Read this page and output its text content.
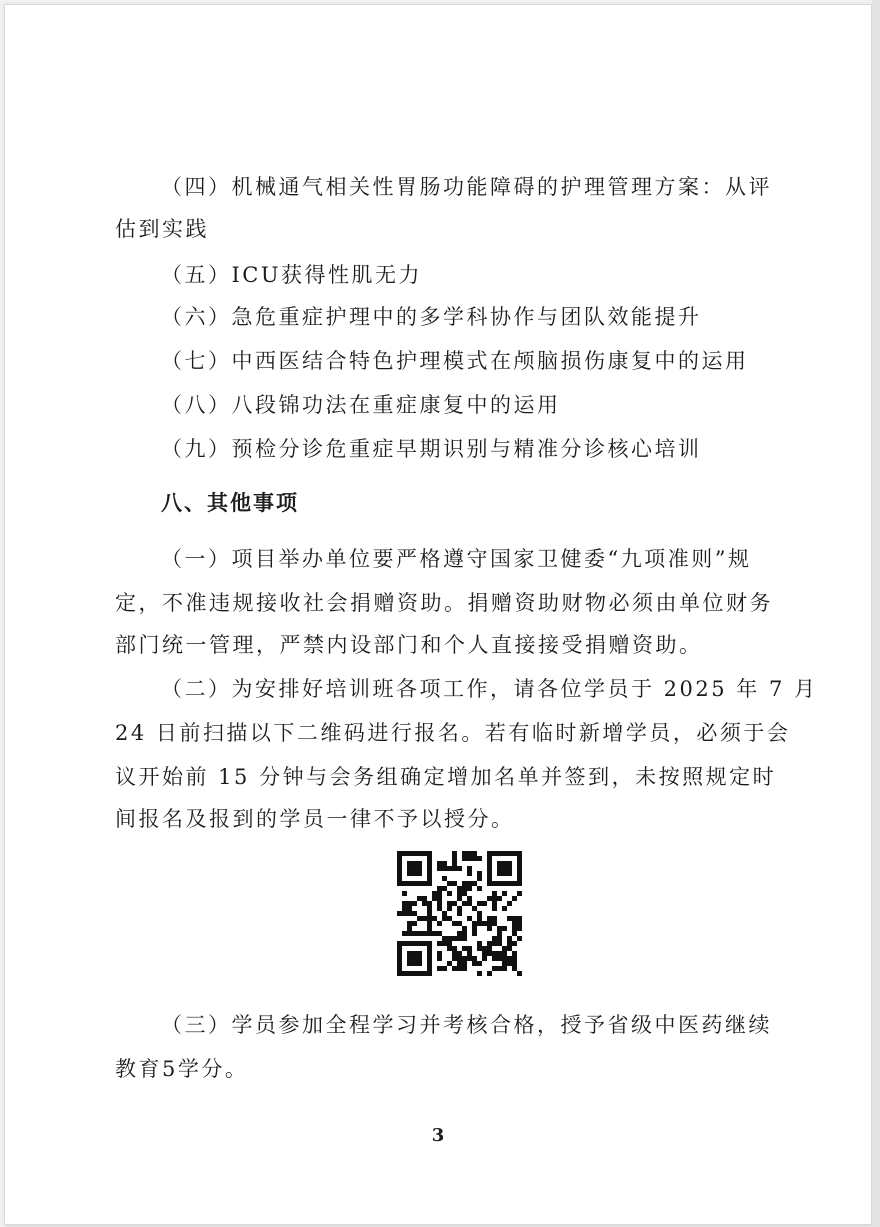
（四）机械通气相关性胃肠功能障碍的护理管理方案：从评
估到实践
（五）ICU获得性肌无力
（六）急危重症护理中的多学科协作与团队效能提升
（七）中西医结合特色护理模式在颅脑损伤康复中的运用
（八）八段锦功法在重症康复中的运用
（九）预检分诊危重症早期识别与精准分诊核心培训
八、其他事项
（一）项目举办单位要严格遵守国家卫健委“九项准则”规
定，不准违规接收社会捐赠资助。捐赠资助财物必须由单位财务
部门统一管理，严禁内设部门和个人直接接受捐赠资助。
（二）为安排好培训班各项工作，请各位学员于 2025 年 7 月
24 日前扫描以下二维码进行报名。若有临时新增学员，必须于会
议开始前 15 分钟与会务组确定增加名单并签到，未按照规定时
间报名及报到的学员一律不予以授分。
（三）学员参加全程学习并考核合格，授予省级中医药继续
教育5学分。
3
